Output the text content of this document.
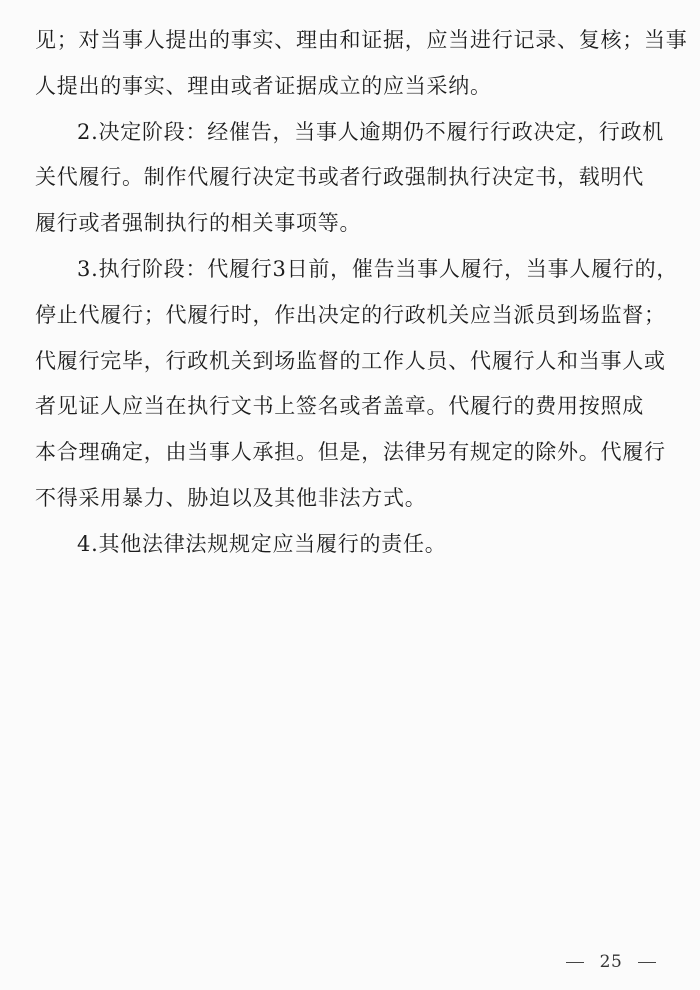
见；对当事人提出的事实、理由和证据，应当进行记录、复核；当事
人提出的事实、理由或者证据成立的应当采纳。
2.决定阶段：经催告，当事人逾期仍不履行行政决定，行政机
关代履行。制作代履行决定书或者行政强制执行决定书，载明代
履行或者强制执行的相关事项等。
3.执行阶段：代履行3日前，催告当事人履行，当事人履行的，
停止代履行；代履行时，作出决定的行政机关应当派员到场监督；
代履行完毕，行政机关到场监督的工作人员、代履行人和当事人或
者见证人应当在执行文书上签名或者盖章。代履行的费用按照成
本合理确定，由当事人承担。但是，法律另有规定的除外。代履行
不得采用暴力、胁迫以及其他非法方式。
4.其他法律法规规定应当履行的责任。
25
